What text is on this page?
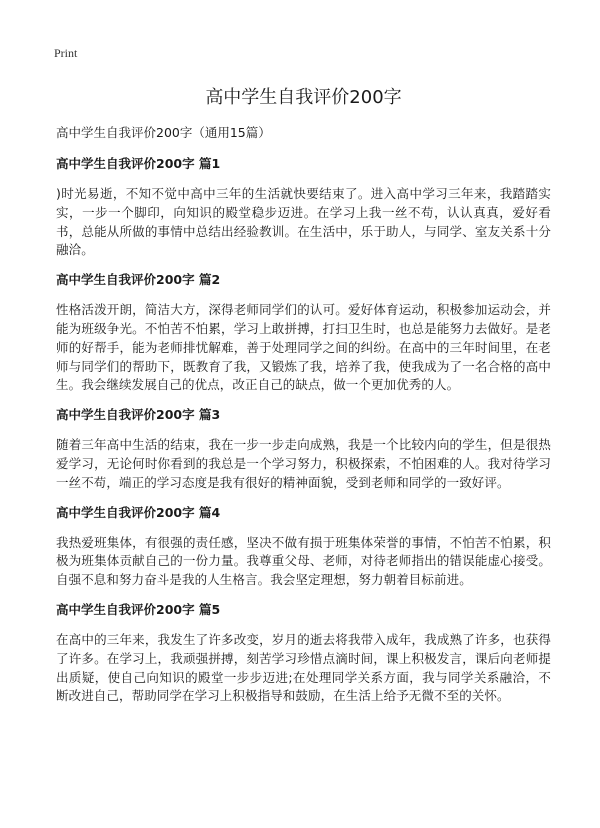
Print
高中学生自我评价200字
高中学生自我评价200字（通用15篇）
高中学生自我评价200字 篇1

)时光易逝，不知不觉中高中三年的生活就快要结束了。进入高中学习三年来，我踏踏实实，一步一个脚印，向知识的殿堂稳步迈进。在学习上我一丝不苟，认认真真，爱好看书，总能从所做的事情中总结出经验教训。在生活中，乐于助人，与同学、室友关系十分融洽。

高中学生自我评价200字 篇2

性格活泼开朗，简洁大方，深得老师同学们的认可。爱好体育运动，积极参加运动会，并能为班级争光。不怕苦不怕累，学习上敢拼搏，打扫卫生时，也总是能努力去做好。是老师的好帮手，能为老师排忧解难，善于处理同学之间的纠纷。在高中的三年时间里，在老师与同学们的帮助下，既教育了我，又锻炼了我，培养了我，使我成为了一名合格的高中生。我会继续发展自己的优点，改正自己的缺点，做一个更加优秀的人。

高中学生自我评价200字 篇3

随着三年高中生活的结束，我在一步一步走向成熟，我是一个比较内向的学生，但是很热爱学习，无论何时你看到的我总是一个学习努力，积极探索，不怕困难的人。我对待学习一丝不苟，端正的学习态度是我有很好的精神面貌，受到老师和同学的一致好评。

高中学生自我评价200字 篇4

我热爱班集体，有很强的责任感，坚决不做有损于班集体荣誉的事情，不怕苦不怕累，积极为班集体贡献自己的一份力量。我尊重父母、老师，对待老师指出的错误能虚心接受。自强不息和努力奋斗是我的人生格言。我会坚定理想，努力朝着目标前进。

高中学生自我评价200字 篇5

在高中的三年来，我发生了许多改变，岁月的逝去将我带入成年，我成熟了许多，也获得了许多。在学习上，我顽强拼搏，刻苦学习珍惜点滴时间，课上积极发言，课后向老师提出质疑，使自己向知识的殿堂一步步迈进;在处理同学关系方面，我与同学关系融洽，不断改进自己，帮助同学在学习上积极指导和鼓励，在生活上给予无微不至的关怀。
